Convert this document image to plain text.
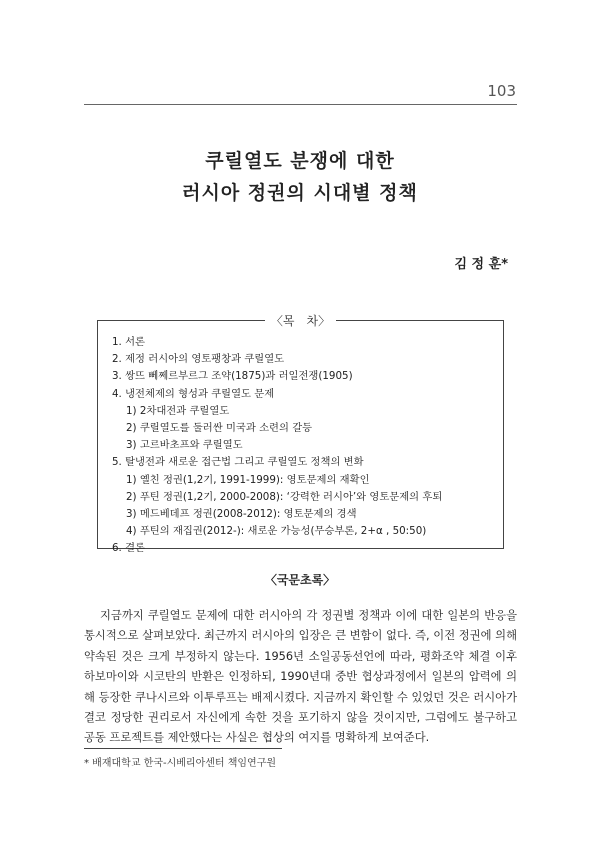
103
쿠릴열도 분쟁에 대한
러시아 정권의 시대별 정책
김 정 훈*
〈목　차〉
1. 서론
2. 제정 러시아의 영토팽창과 쿠릴열도
3. 쌍뜨 뻬쩨르부르그 조약(1875)과 러일전쟁(1905)
4. 냉전체제의 형성과 쿠릴열도 문제
1) 2차대전과 쿠릴열도
2) 쿠릴열도를 둘러싼 미국과 소련의 갈등
3) 고르바초프와 쿠릴열도
5. 탈냉전과 새로운 접근법 그리고 쿠릴열도 정책의 변화
1) 옐친 정권(1,2기, 1991-1999): 영토문제의 재확인
2) 푸틴 정권(1,2기, 2000-2008): ‘강력한 러시아’와 영토문제의 후퇴
3) 메드베데프 정권(2008-2012): 영토문제의 경색
4) 푸틴의 재집권(2012-): 새로운 가능성(무승부론, 2+α , 50:50)
6. 결론
〈국문초록〉

지금까지 쿠릴열도 문제에 대한 러시아의 각 정권별 정책과 이에 대한 일본의 반응을 통시적으로 살펴보았다. 최근까지 러시아의 입장은 큰 변함이 없다. 즉, 이전 정권에 의해 약속된 것은 크게 부정하지 않는다. 1956년 소일공동선언에 따라, 평화조약 체결 이후 하보마이와 시코탄의 반환은 인정하되, 1990년대 중반 협상과정에서 일본의 압력에 의해 등장한 쿠나시르와 이투루프는 배제시켰다. 지금까지 확인할 수 있었던 것은 러시아가 결코 정당한 권리로서 자신에게 속한 것을 포기하지 않을 것이지만, 그럼에도 불구하고 공동 프로젝트를 제안했다는 사실은 협상의 여지를 명확하게 보여준다.

* 배재대학교 한국-시베리아센터 책임연구원
